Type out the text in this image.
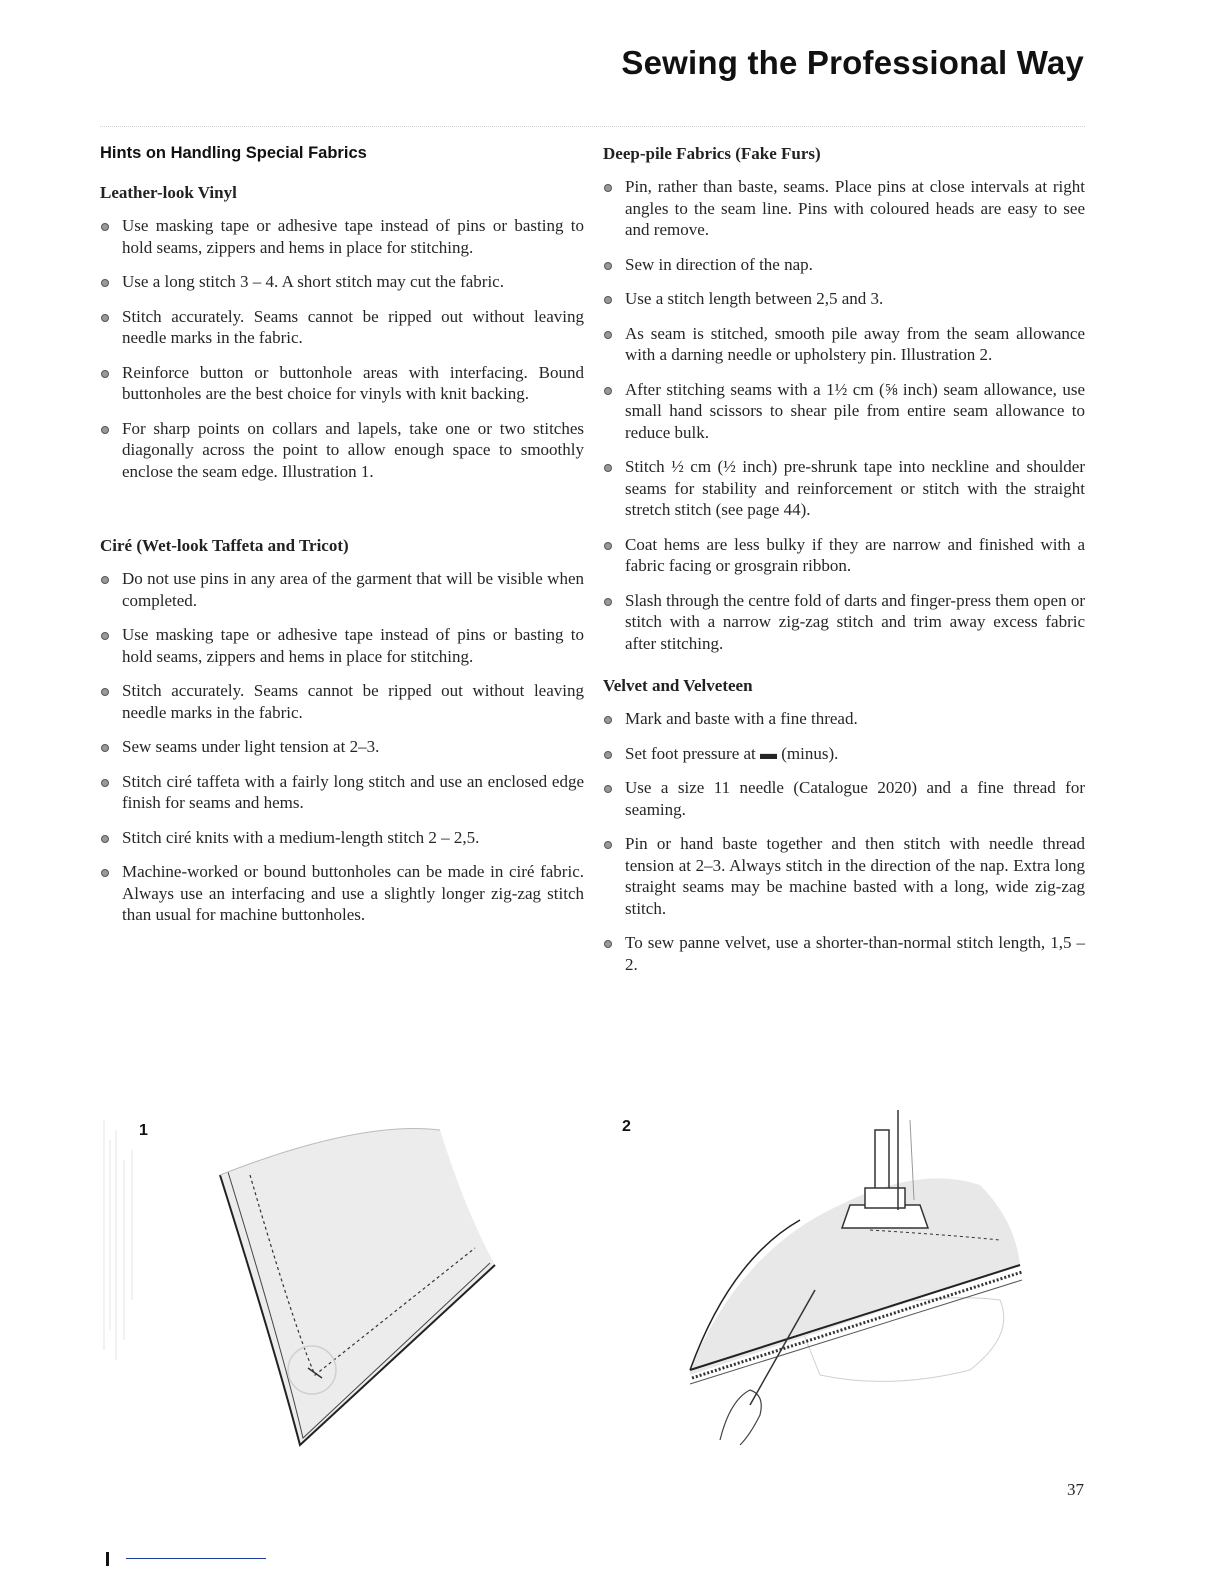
Sewing the Professional Way
Hints on Handling Special Fabrics
Leather-look Vinyl
Use masking tape or adhesive tape instead of pins or basting to hold seams, zippers and hems in place for stitching.
Use a long stitch 3 – 4. A short stitch may cut the fabric.
Stitch accurately. Seams cannot be ripped out without leaving needle marks in the fabric.
Reinforce button or buttonhole areas with interfacing. Bound buttonholes are the best choice for vinyls with knit backing.
For sharp points on collars and lapels, take one or two stitches diagonally across the point to allow enough space to smoothly enclose the seam edge. Illustration 1.
Ciré (Wet-look Taffeta and Tricot)
Do not use pins in any area of the garment that will be visible when completed.
Use masking tape or adhesive tape instead of pins or basting to hold seams, zippers and hems in place for stitching.
Stitch accurately. Seams cannot be ripped out without leaving needle marks in the fabric.
Sew seams under light tension at 2–3.
Stitch ciré taffeta with a fairly long stitch and use an enclosed edge finish for seams and hems.
Stitch ciré knits with a medium-length stitch 2 – 2,5.
Machine-worked or bound buttonholes can be made in ciré fabric. Always use an interfacing and use a slightly longer zig-zag stitch than usual for machine buttonholes.
Deep-pile Fabrics (Fake Furs)
Pin, rather than baste, seams. Place pins at close intervals at right angles to the seam line. Pins with coloured heads are easy to see and remove.
Sew in direction of the nap.
Use a stitch length between 2,5 and 3.
As seam is stitched, smooth pile away from the seam allowance with a darning needle or upholstery pin. Illustration 2.
After stitching seams with a 1½ cm (⅝ inch) seam allowance, use small hand scissors to shear pile from entire seam allowance to reduce bulk.
Stitch ½ cm (½ inch) pre-shrunk tape into neckline and shoulder seams for stability and reinforcement or stitch with the straight stretch stitch (see page 44).
Coat hems are less bulky if they are narrow and finished with a fabric facing or grosgrain ribbon.
Slash through the centre fold of darts and finger-press them open or stitch with a narrow zig-zag stitch and trim away excess fabric after stitching.
Velvet and Velveteen
Mark and baste with a fine thread.
Set foot pressure at ▬ (minus).
Use a size 11 needle (Catalogue 2020) and a fine thread for seaming.
Pin or hand baste together and then stitch with needle thread tension at 2–3. Always stitch in the direction of the nap. Extra long straight seams may be machine basted with a long, wide zig-zag stitch.
To sew panne velvet, use a shorter-than-normal stitch length, 1,5 – 2.
1	2
37
